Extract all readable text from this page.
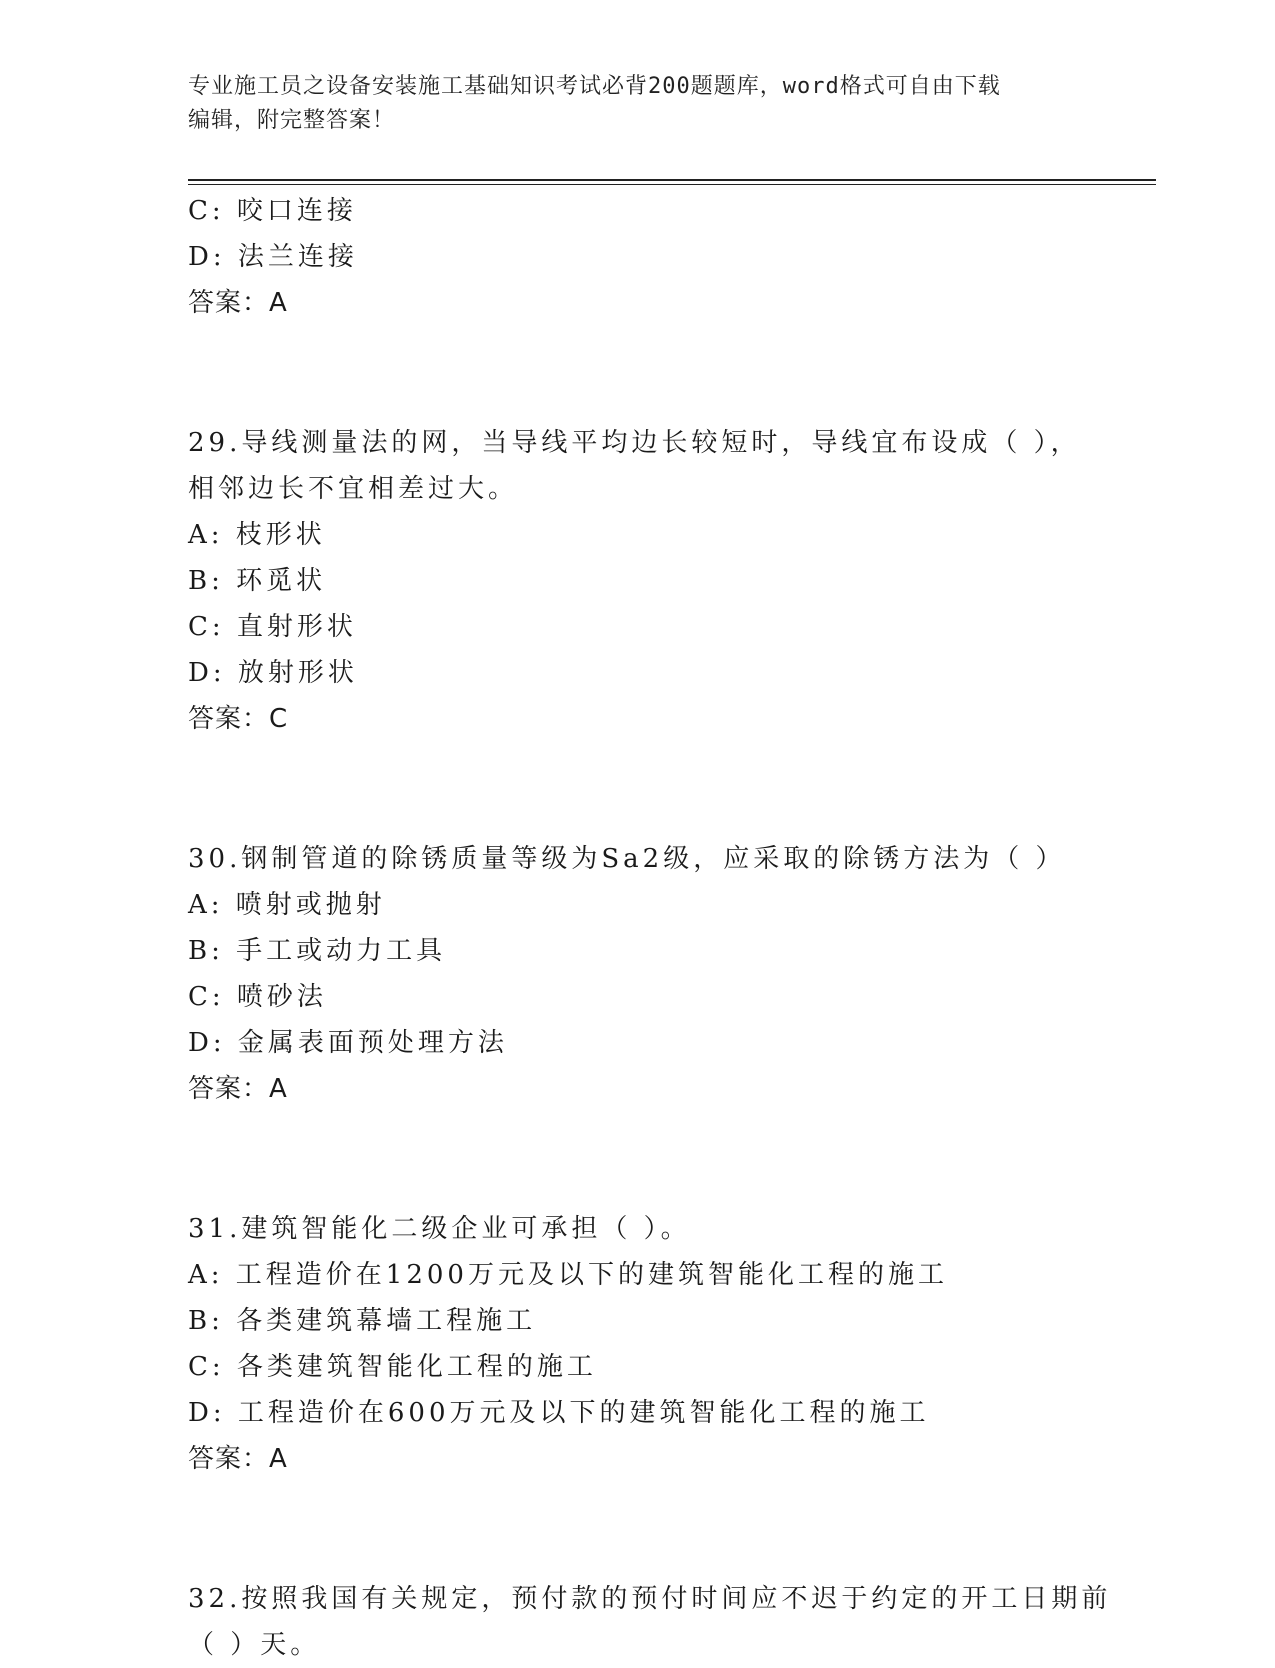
专业施工员之设备安装施工基础知识考试必背200题题库，word格式可自由下载
编辑，附完整答案！
C: 咬口连接
D: 法兰连接
答案：A
29.导线测量法的网，当导线平均边长较短时，导线宜布设成（ ），
相邻边长不宜相差过大。
A: 枝形状
B: 环觅状
C: 直射形状
D: 放射形状
答案：C
30.钢制管道的除锈质量等级为Sa2级，应采取的除锈方法为（ ）
A: 喷射或抛射
B: 手工或动力工具
C: 喷砂法
D: 金属表面预处理方法
答案：A
31.建筑智能化二级企业可承担（ ）。
A: 工程造价在1200万元及以下的建筑智能化工程的施工
B: 各类建筑幕墙工程施工
C: 各类建筑智能化工程的施工
D: 工程造价在600万元及以下的建筑智能化工程的施工
答案：A
32.按照我国有关规定，预付款的预付时间应不迟于约定的开工日期前
（ ）天。
